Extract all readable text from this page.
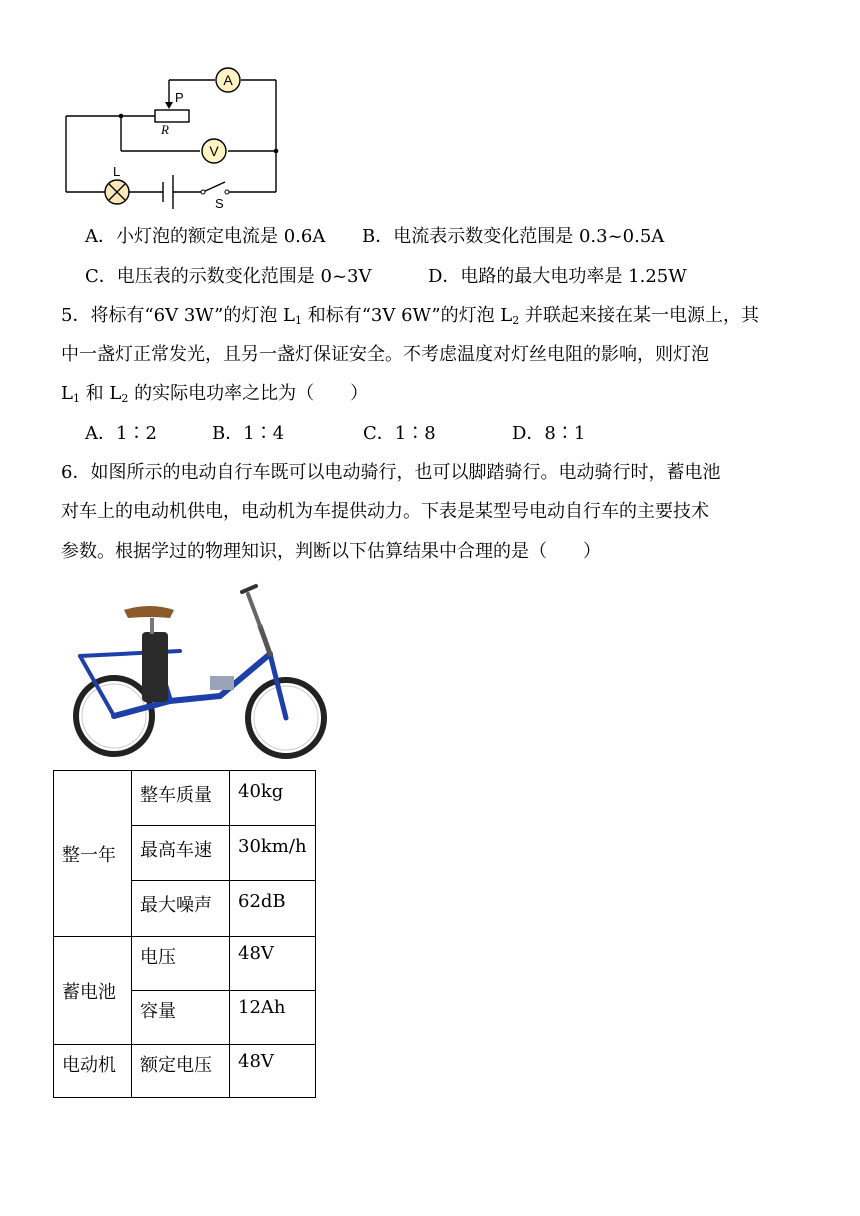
A
V
P
R
L
S
A．小灯泡的额定电流是 0.6A B．电流表示数变化范围是 0.3~0.5A
C．电压表的示数变化范围是 0~3V	D．电路的最大电功率是 1.25W
5．将标有“6V 3W”的灯泡 $L_1$ 和标有“3V 6W”的灯泡 $L_2$ 并联起来接在某一电源上，其
中一盏灯正常发光，且另一盏灯保证安全。不考虑温度对灯丝电阻的影响，则灯泡
$L_1$ 和 $L_2$ 的实际电功率之比为（　　）
A．1∶2	B．1∶4	C．1∶8	D．8∶1
6．如图所示的电动自行车既可以电动骑行，也可以脚踏骑行。电动骑行时，蓄电池
对车上的电动机供电，电动机为车提供动力。下表是某型号电动自行车的主要技术
参数。根据学过的物理知识，判断以下估算结果中合理的是（　　）
整一年	整车质量	40kg
	最高车速	30km/h
	最大噪声	62dB
蓄电池	电压	48V
	容量	12Ah
电动机	额定电压	48V
